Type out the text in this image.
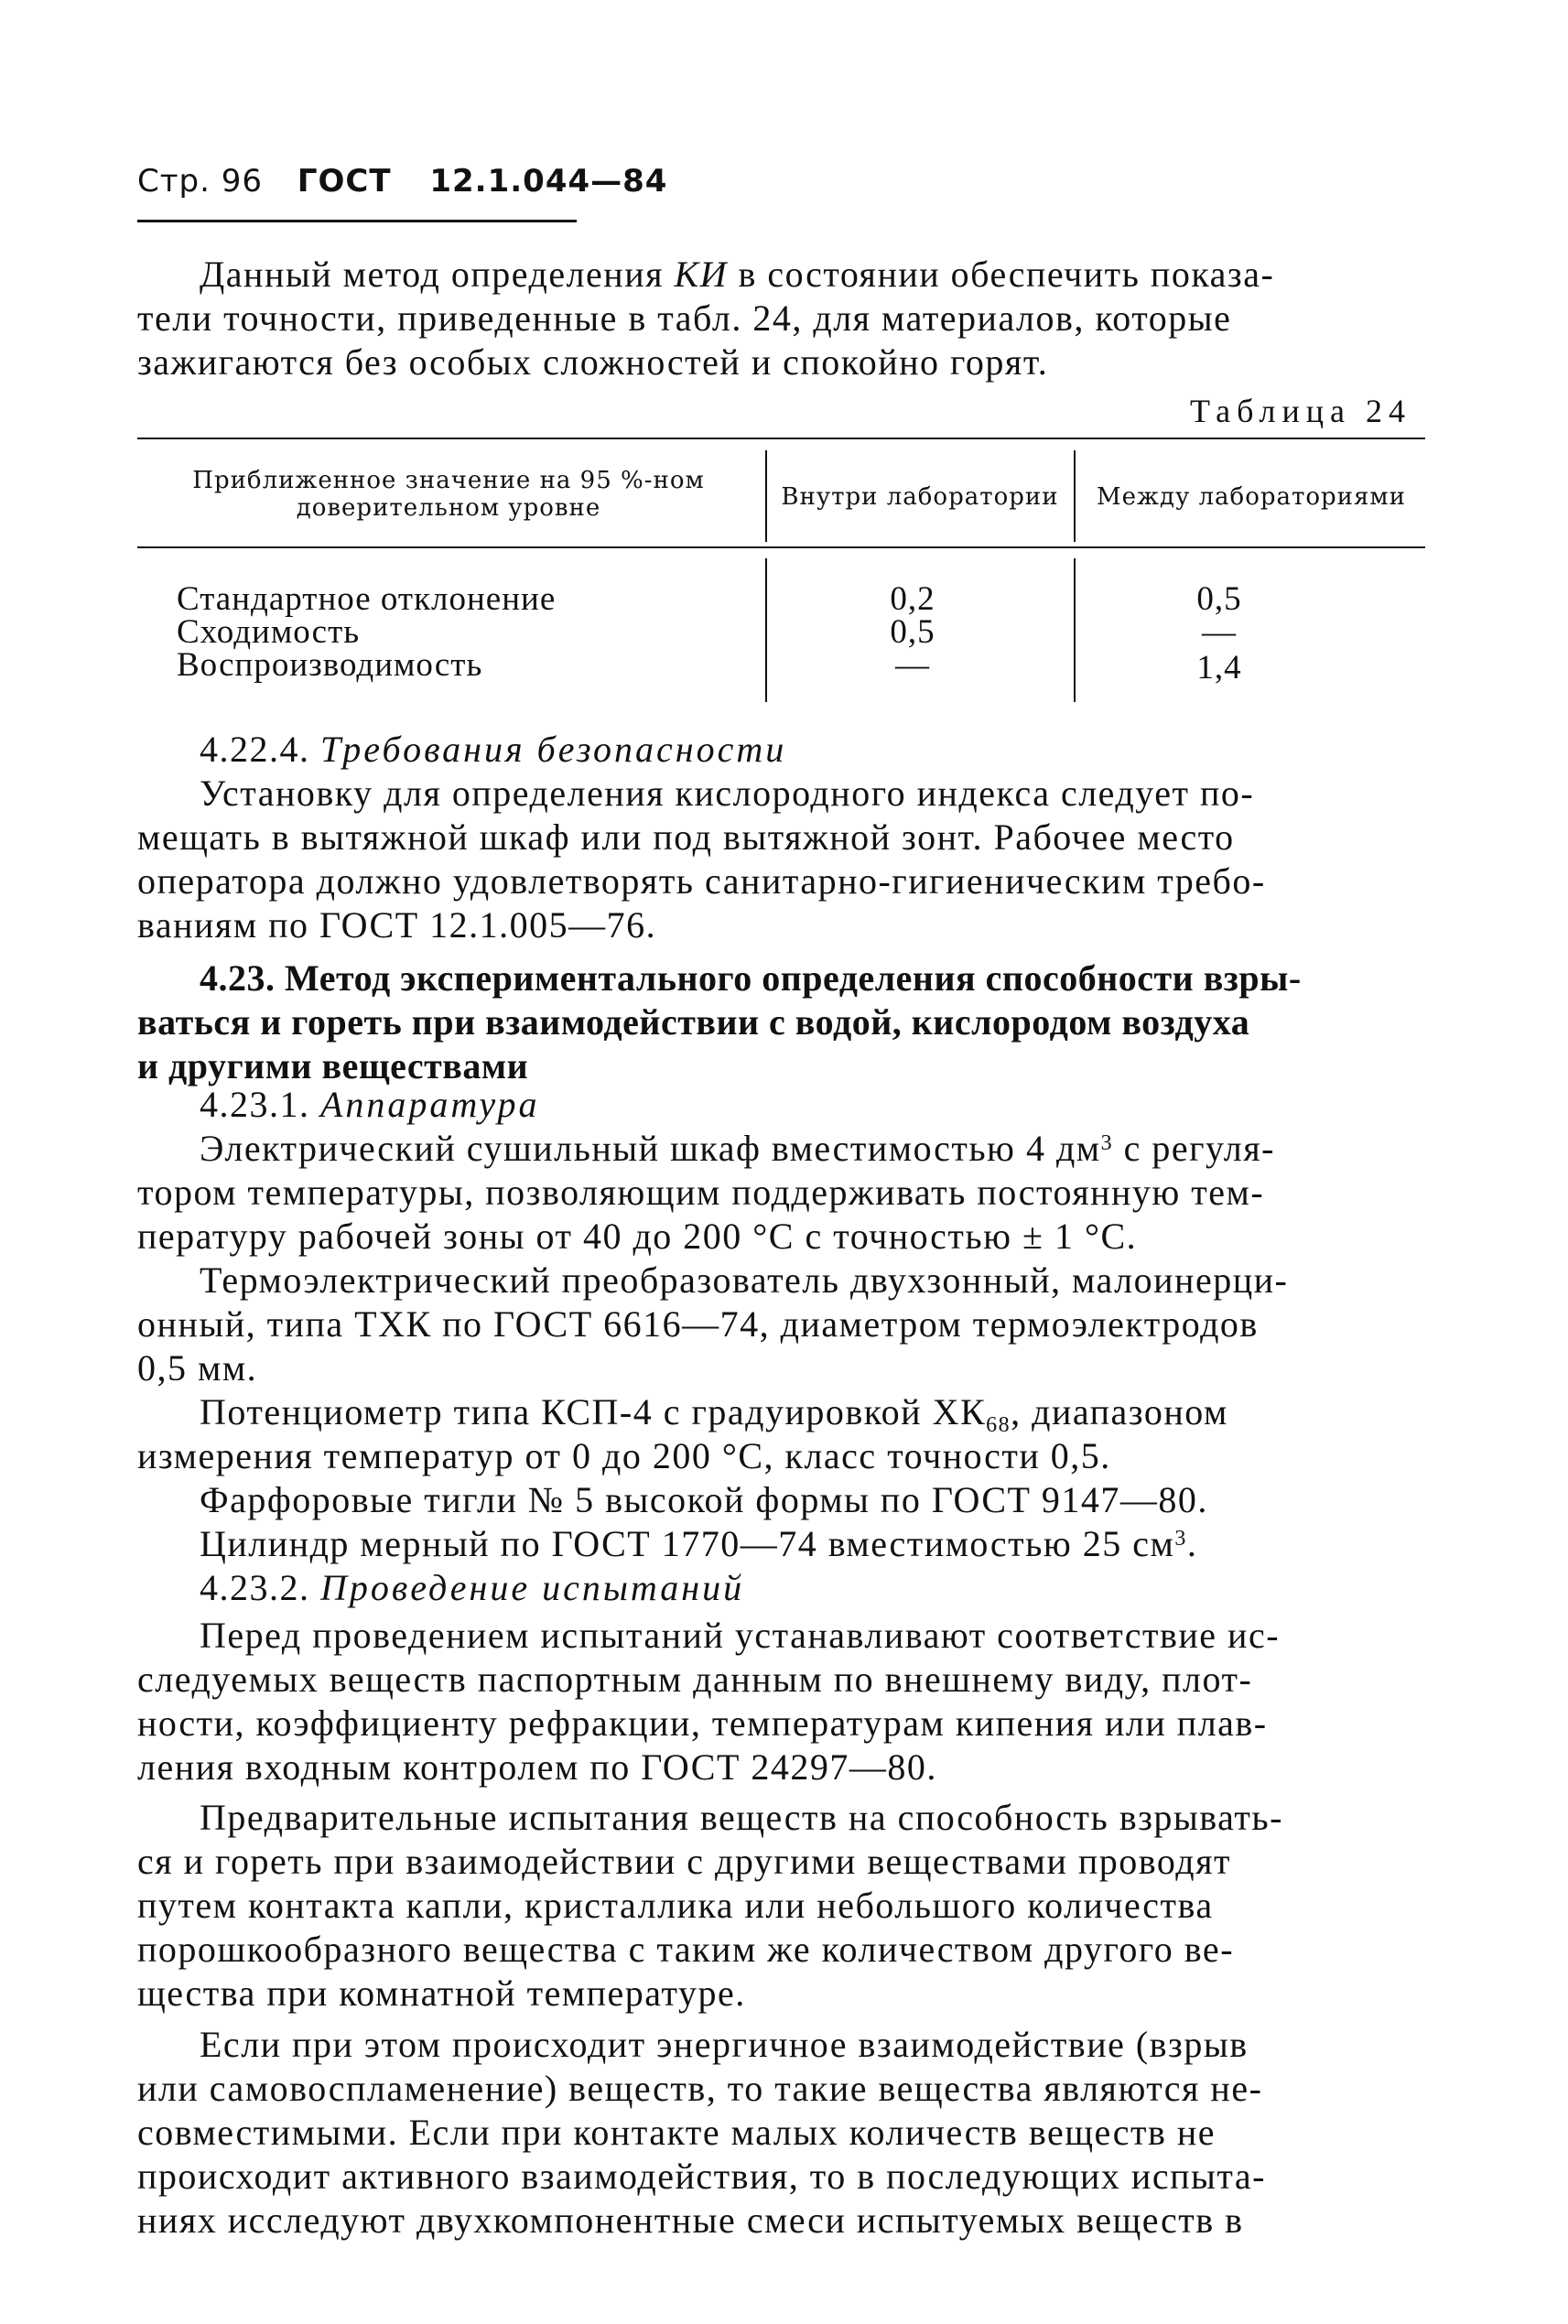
Стр. 96 ГОСТ 12.1.044—84
Данный метод определения КИ в состоянии обеспечить показа-
тели точности, приведенные в табл. 24, для материалов, которые
зажигаются без особых сложностей и спокойно горят.
Таблица 24
Приближенное значение на 95 %-ном
доверительном уровне	Внутри лаборатории	Между лабораториями
Стандартное отклонение	0,2	0,5
Сходимость	0,5	—
Воспроизводимость	—	1,4
4.22.4. Требования безопасности
Установку для определения кислородного индекса следует по-
мещать в вытяжной шкаф или под вытяжной зонт. Рабочее место
оператора должно удовлетворять санитарно-гигиеническим требо-
ваниям по ГОСТ 12.1.005—76.
4.23. Метод экспериментального определения способности взры-
ваться и гореть при взаимодействии с водой, кислородом воздуха
и другими веществами
4.23.1. Аппаратура
Электрический сушильный шкаф вместимостью 4 $дм^3$ с регуля-
тором температуры, позволяющим поддерживать постоянную тем-
пературу рабочей зоны от 40 до 200 °С с точностью ± 1 °С.
Термоэлектрический преобразователь двухзонный, малоинерци-
онный, типа ТХК по ГОСТ 6616—74, диаметром термоэлектродов
0,5 мм.
Потенциометр типа КСП-4 с градуировкой $ХК_{68}$, диапазоном
измерения температур от 0 до 200 °С, класс точности 0,5.
Фарфоровые тигли № 5 высокой формы по ГОСТ 9147—80.
Цилиндр мерный по ГОСТ 1770—74 вместимостью 25 $см^3$.
4.23.2. Проведение испытаний
Перед проведением испытаний устанавливают соответствие ис-
следуемых веществ паспортным данным по внешнему виду, плот-
ности, коэффициенту рефракции, температурам кипения или плав-
ления входным контролем по ГОСТ 24297—80.
Предварительные испытания веществ на способность взрывать-
ся и гореть при взаимодействии с другими веществами проводят
путем контакта капли, кристаллика или небольшого количества
порошкообразного вещества с таким же количеством другого ве-
щества при комнатной температуре.
Если при этом происходит энергичное взаимодействие (взрыв
или самовоспламенение) веществ, то такие вещества являются не-
совместимыми. Если при контакте малых количеств веществ не
происходит активного взаимодействия, то в последующих испыта-
ниях исследуют двухкомпонентные смеси испытуемых веществ в
